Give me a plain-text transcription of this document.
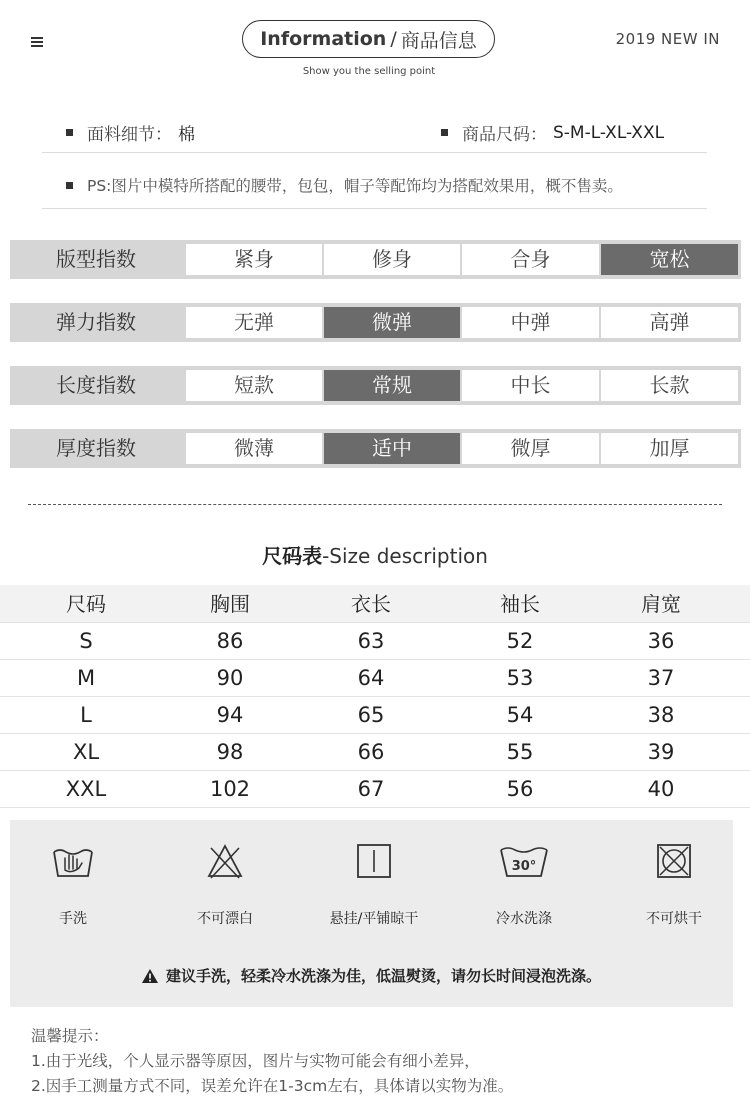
Information / 商品信息
Show you the selling point
2019 NEW IN
面料细节： 棉	商品尺码： S-M-L-XL-XXL
PS:图片中模特所搭配的腰带，包包，帽子等配饰均为搭配效果用，概不售卖。
版型指数	紧身	修身	合身	宽松
弹力指数	无弹	微弹	中弹	高弹
长度指数	短款	常规	中长	长款
厚度指数	微薄	适中	微厚	加厚
尺码表-Size description
尺码	胸围	衣长	袖长	肩宽
S	86	63	52	36
M	90	64	53	37
L	94	65	54	38
XL	98	66	55	39
XXL	102	67	56	40
手洗	不可漂白	悬挂/平铺晾干
30°
冷水洗涤	不可烘干
建议手洗，轻柔冷水洗涤为佳，低温熨烫，请勿长时间浸泡洗涤。
温馨提示：
1.由于光线，个人显示器等原因，图片与实物可能会有细小差异，
2.因手工测量方式不同，误差允许在1-3cm左右，具体请以实物为准。
